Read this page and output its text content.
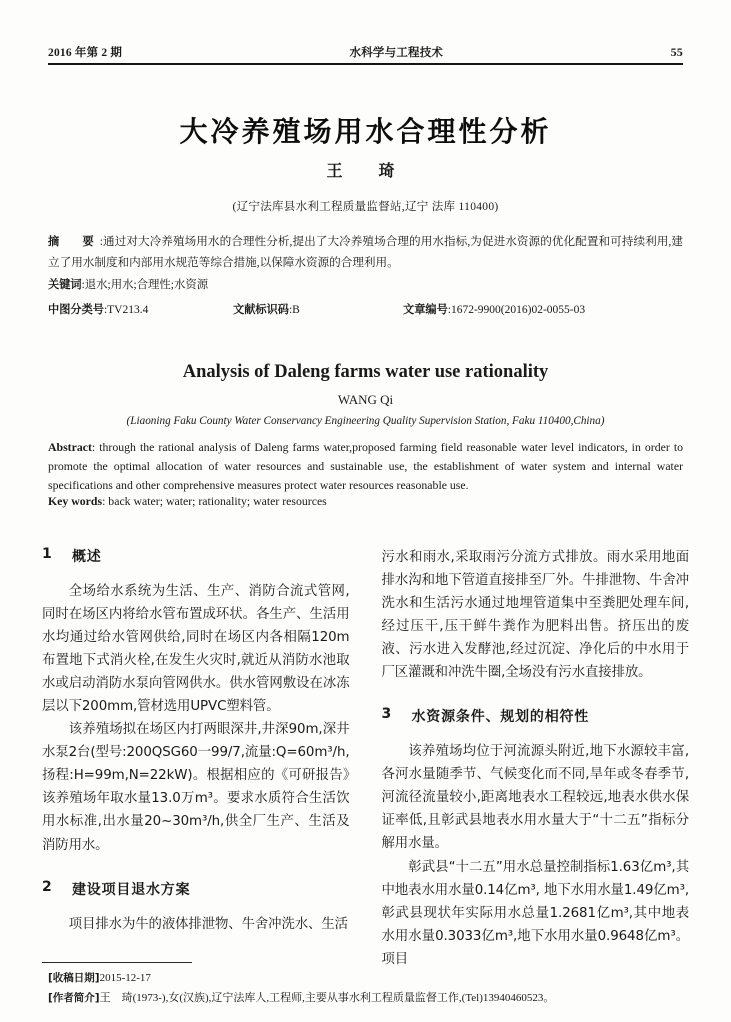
2016 年第 2 期	水科学与工程技术	55
大冷养殖场用水合理性分析
王　琦
(辽宁法库县水利工程质量监督站,辽宁 法库 110400)
摘　要:通过对大冷养殖场用水的合理性分析,提出了大冷养殖场合理的用水指标,为促进水资源的优化配置和可持续利用,建立了用水制度和内部用水规范等综合措施,以保障水资源的合理利用。
关键词:退水;用水;合理性;水资源
中图分类号:TV213.4	文献标识码:B	文章编号:1672-9900(2016)02-0055-03
Analysis of Daleng farms water use rationality
WANG Qi
(Liaoning Faku County Water Conservancy Engineering Quality Supervision Station, Faku 110400,China)
Abstract: through the rational analysis of Daleng farms water,proposed farming field reasonable water level indicators, in order to promote the optimal allocation of water resources and sustainable use, the establishment of water system and internal water specifications and other comprehensive measures protect water resources reasonable use.
Key words: back water; water; rationality; water resources
1	概述

全场给水系统为生活、生产、消防合流式管网,同时在场区内将给水管布置成环状。各生产、生活用水均通过给水管网供给,同时在场区内各相隔120m布置地下式消火栓,在发生火灾时,就近从消防水池取水或启动消防水泵向管网供水。供水管网敷设在冰冻层以下200mm,管材选用UPVC塑料管。

该养殖场拟在场区内打两眼深井,井深90m,深井水泵2台(型号:200QSG60一99/7,流量:Q=60m³/h,扬程:H=99m,N=22kW)。根据相应的《可研报告》该养殖场年取水量13.0万m³。要求水质符合生活饮用水标准,出水量20~30m³/h,供全厂生产、生活及消防用水。

2	建设项目退水方案

项目排水为牛的液体排泄物、牛舍冲洗水、生活

污水和雨水,采取雨污分流方式排放。雨水采用地面排水沟和地下管道直接排至厂外。牛排泄物、牛舍冲洗水和生活污水通过地埋管道集中至粪肥处理车间,经过压干,压干鲜牛粪作为肥料出售。挤压出的废液、污水进入发酵池,经过沉淀、净化后的中水用于厂区灌溉和冲洗牛圈,全场没有污水直接排放。

3	水资源条件、规划的相符性

该养殖场均位于河流源头附近,地下水源较丰富,各河水量随季节、气候变化而不同,旱年或冬春季节,河流径流量较小,距离地表水工程较远,地表水供水保证率低,且彰武县地表水用水量大于“十二五”指标分解用水量。

彰武县“十二五”用水总量控制指标1.63亿m³,其中地表水用水量0.14亿m³, 地下水用水量1.49亿m³,彰武县现状年实际用水总量1.2681亿m³,其中地表水用水量0.3033亿m³,地下水用水量0.9648亿m³。项目

[收稿日期]2015-12-17
[作者简介]王　琦(1973-),女(汉族),辽宁法库人,工程师,主要从事水利工程质量监督工作,(Tel)13940460523。
